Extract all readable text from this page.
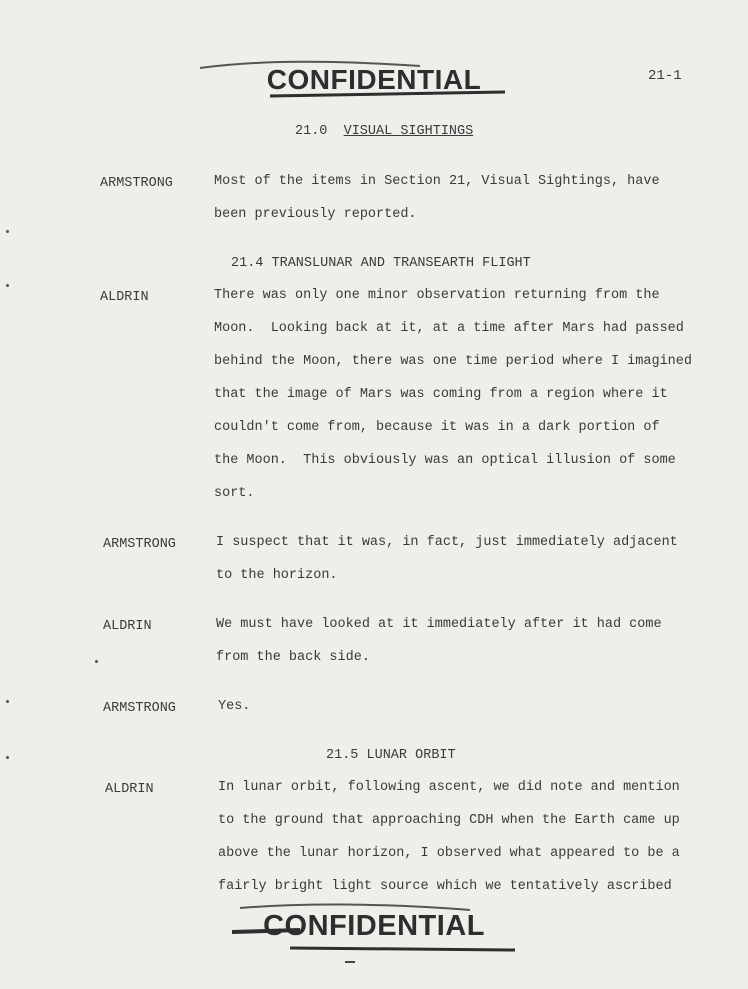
CONFIDENTIAL	21-1
21.0 VISUAL SIGHTINGS
ARMSTRONG	Most of the items in Section 21, Visual Sightings, have
been previously reported.

21.4 TRANSLUNAR AND TRANSEARTH FLIGHT
ALDRIN	There was only one minor observation returning from the
Moon.  Looking back at it, at a time after Mars had passed
behind the Moon, there was one time period where I imagined
that the image of Mars was coming from a region where it
couldn't come from, because it was in a dark portion of
the Moon.  This obviously was an optical illusion of some
sort.

ARMSTRONG	I suspect that it was, in fact, just immediately adjacent
to the horizon.

ALDRIN	We must have looked at it immediately after it had come
from the back side.

ARMSTRONG	Yes.

21.5 LUNAR ORBIT
ALDRIN	In lunar orbit, following ascent, we did note and mention
to the ground that approaching CDH when the Earth came up
above the lunar horizon, I observed what appeared to be a
fairly bright light source which we tentatively ascribed

CONFIDENTIAL
